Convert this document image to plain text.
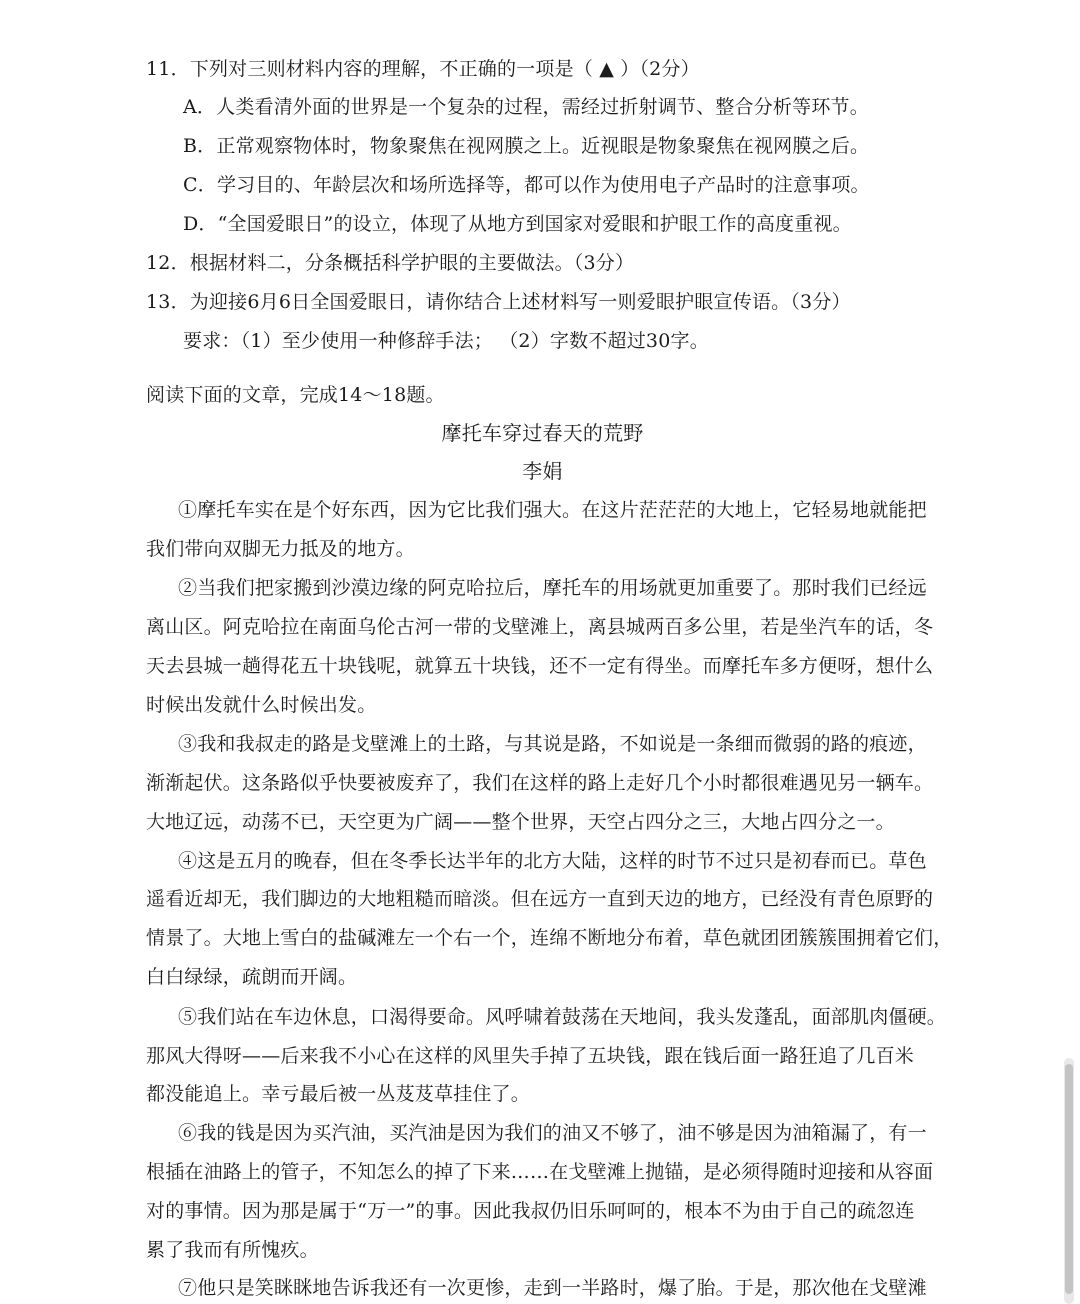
11．下列对三则材料内容的理解，不正确的一项是（ ▲ ）（2分）
A．人类看清外面的世界是一个复杂的过程，需经过折射调节、整合分析等环节。
B．正常观察物体时，物象聚焦在视网膜之上。近视眼是物象聚焦在视网膜之后。
C．学习目的、年龄层次和场所选择等，都可以作为使用电子产品时的注意事项。
D．“全国爱眼日”的设立，体现了从地方到国家对爱眼和护眼工作的高度重视。
12．根据材料二，分条概括科学护眼的主要做法。（3分）
13．为迎接6月6日全国爱眼日，请你结合上述材料写一则爱眼护眼宣传语。（3分）
要求：（1）至少使用一种修辞手法； （2）字数不超过30字。
阅读下面的文章，完成14～18题。
摩托车穿过春天的荒野
李娟
①摩托车实在是个好东西，因为它比我们强大。在这片茫茫茫的大地上，它轻易地就能把
我们带向双脚无力抵及的地方。
②当我们把家搬到沙漠边缘的阿克哈拉后，摩托车的用场就更加重要了。那时我们已经远
离山区。阿克哈拉在南面乌伦古河一带的戈壁滩上，离县城两百多公里，若是坐汽车的话，冬
天去县城一趟得花五十块钱呢，就算五十块钱，还不一定有得坐。而摩托车多方便呀，想什么
时候出发就什么时候出发。
③我和我叔走的路是戈壁滩上的土路，与其说是路，不如说是一条细而微弱的路的痕迹，
渐渐起伏。这条路似乎快要被废弃了，我们在这样的路上走好几个小时都很难遇见另一辆车。
大地辽远，动荡不已，天空更为广阔——整个世界，天空占四分之三，大地占四分之一。
④这是五月的晚春，但在冬季长达半年的北方大陆，这样的时节不过只是初春而已。草色
遥看近却无，我们脚边的大地粗糙而暗淡。但在远方一直到天边的地方，已经没有青色原野的
情景了。大地上雪白的盐碱滩左一个右一个，连绵不断地分布着，草色就团团簇簇围拥着它们，
白白绿绿，疏朗而开阔。
⑤我们站在车边休息，口渴得要命。风呼啸着鼓荡在天地间，我头发蓬乱，面部肌肉僵硬。
那风大得呀——后来我不小心在这样的风里失手掉了五块钱，跟在钱后面一路狂追了几百米
都没能追上。幸亏最后被一丛芨芨草挂住了。
⑥我的钱是因为买汽油，买汽油是因为我们的油又不够了，油不够是因为油箱漏了，有一
根插在油路上的管子，不知怎么的掉了下来……在戈壁滩上抛锚，是必须得随时迎接和从容面
对的事情。因为那是属于“万一”的事。因此我叔仍旧乐呵呵的，根本不为由于自己的疏忽连
累了我而有所愧疚。
⑦他只是笑眯眯地告诉我还有一次更惨，走到一半路时，爆了胎。于是，那次他在戈壁滩
